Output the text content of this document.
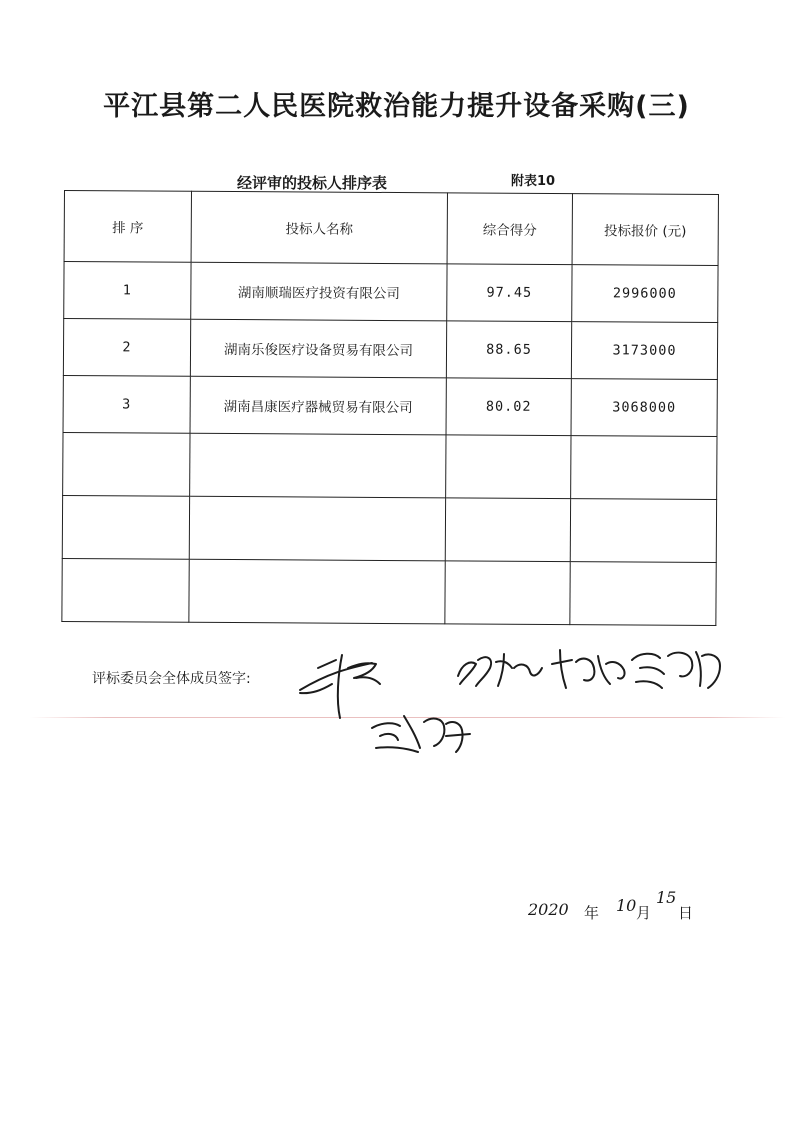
平江县第二人民医院救治能力提升设备采购(三)
经评审的投标人排序表	附表10
排 序	投标人名称	综合得分	投标报价 (元)
1	湖南顺瑞医疗投资有限公司	97.45	2996000
2	湖南乐俊医疗设备贸易有限公司	88.65	3173000
3	湖南昌康医疗器械贸易有限公司	80.02	3068000

评标委员会全体成员签字:
2020 年 10 月
15
日
